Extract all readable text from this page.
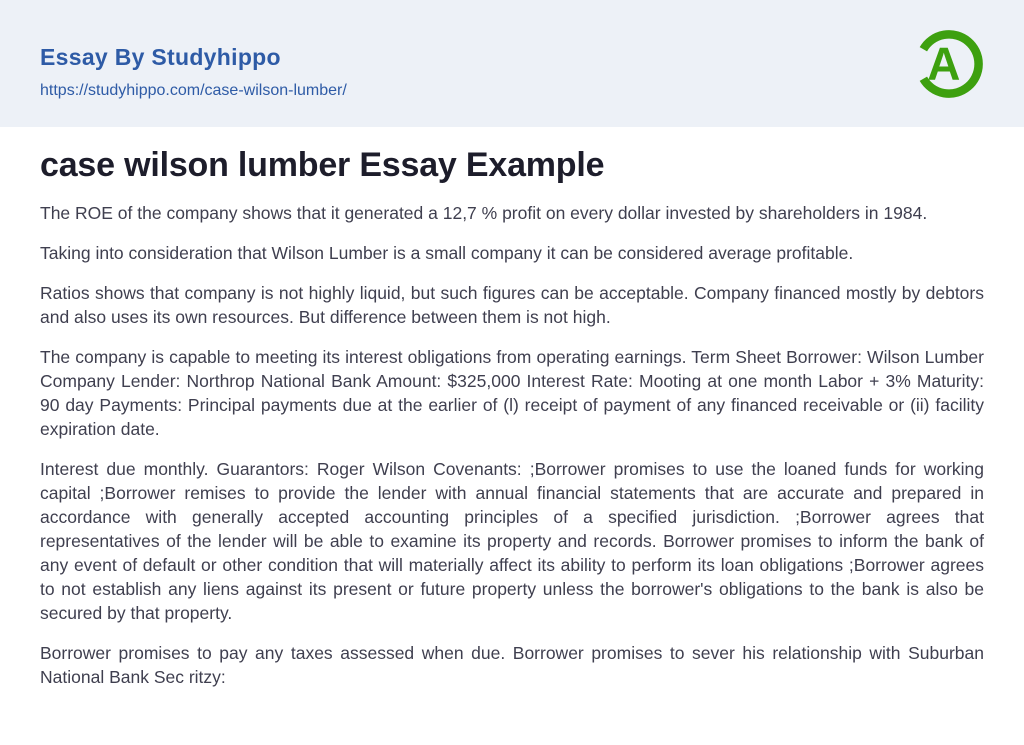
Essay By Studyhippo
https://studyhippo.com/case-wilson-lumber/
A
case wilson lumber Essay Example

The ROE of the company shows that it generated a 12,7 % profit on every dollar invested by shareholders in 1984.

Taking into consideration that Wilson Lumber is a small company it can be considered average profitable.

Ratios shows that company is not highly liquid, but such figures can be acceptable. Company financed mostly by debtors and also uses its own resources. But difference between them is not high.

The company is capable to meeting its interest obligations from operating earnings. Term Sheet Borrower: Wilson Lumber Company Lender: Northrop National Bank Amount: $325,000 Interest Rate: Mooting at one month Labor + 3% Maturity: 90 day Payments: Principal payments due at the earlier of (l) receipt of payment of any financed receivable or (ii) facility expiration date.

Interest due monthly. Guarantors: Roger Wilson Covenants: ;Borrower promises to use the loaned funds for working capital ;Borrower remises to provide the lender with annual financial statements that are accurate and prepared in accordance with generally accepted accounting principles of a specified jurisdiction. ;Borrower agrees that representatives of the lender will be able to examine its property and records. Borrower promises to inform the bank of any event of default or other condition that will materially affect its ability to perform its loan obligations ;Borrower agrees to not establish any liens against its present or future property unless the borrower's obligations to the bank is also be secured by that property.

Borrower promises to pay any taxes assessed when due. Borrower promises to sever his relationship with Suburban National Bank Sec ritzy:
